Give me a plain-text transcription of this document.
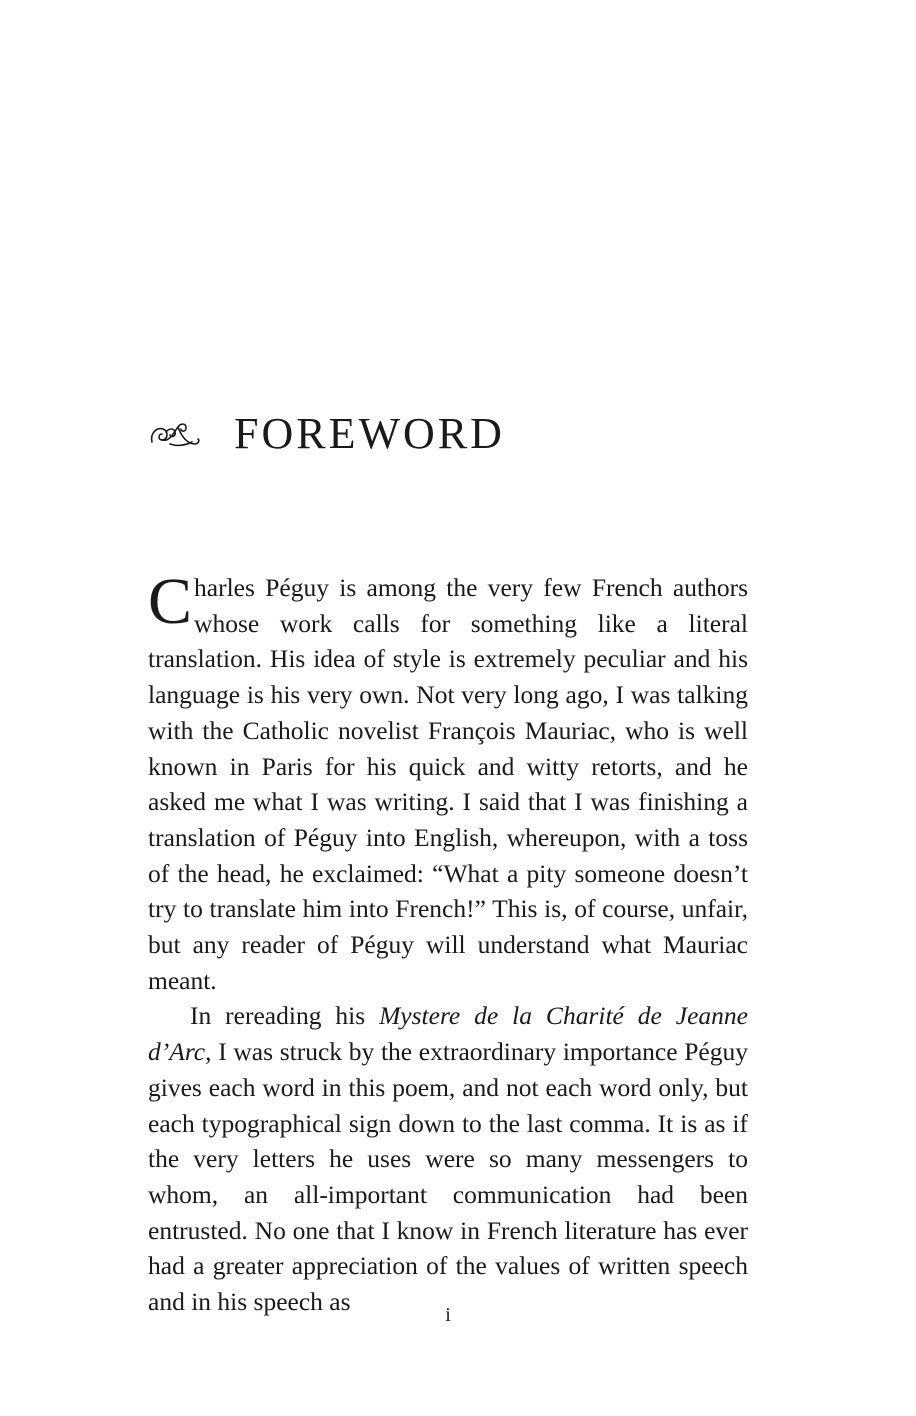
FOREWORD

Charles Péguy is among the very few French authors whose work calls for something like a literal translation. His idea of style is extremely peculiar and his language is his very own. Not very long ago, I was talking with the Catholic novelist François Mauriac, who is well known in Paris for his quick and witty retorts, and he asked me what I was writing. I said that I was finishing a translation of Péguy into English, whereupon, with a toss of the head, he exclaimed: “What a pity someone doesn’t try to translate him into French!” This is, of course, unfair, but any reader of Péguy will understand what Mauriac meant.

In rereading his Mystere de la Charité de Jeanne d’Arc, I was struck by the extraordinary importance Péguy gives each word in this poem, and not each word only, but each typographical sign down to the last comma. It is as if the very letters he uses were so many messengers to whom, an all-important communication had been entrusted. No one that I know in French literature has ever had a greater appreciation of the values of written speech and in his speech as	i
